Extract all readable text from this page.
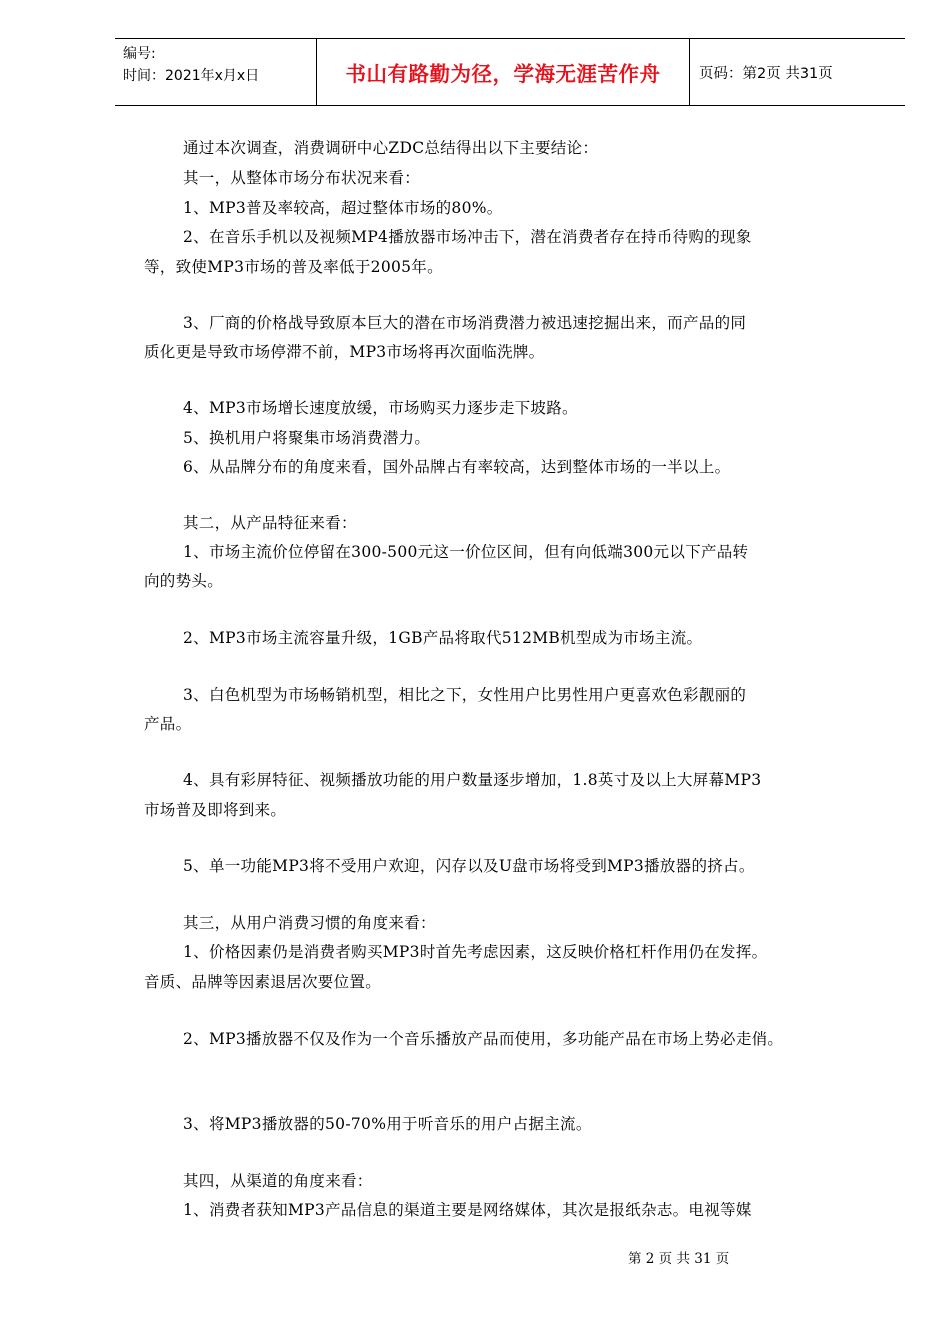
编号:
时间：2021年x月x日	书山有路勤为径，学海无涯苦作舟	页码：第2页 共31页
通过本次调查，消费调研中心ZDC总结得出以下主要结论：
其一，从整体市场分布状况来看：
1、MP3普及率较高，超过整体市场的80%。
2、在音乐手机以及视频MP4播放器市场冲击下，潜在消费者存在持币待购的现象
等，致使MP3市场的普及率低于2005年。
3、厂商的价格战导致原本巨大的潜在市场消费潜力被迅速挖掘出来，而产品的同
质化更是导致市场停滞不前，MP3市场将再次面临洗牌。
4、MP3市场增长速度放缓，市场购买力逐步走下坡路。
5、换机用户将聚集市场消费潜力。
6、从品牌分布的角度来看，国外品牌占有率较高，达到整体市场的一半以上。
其二，从产品特征来看：
1、市场主流价位停留在300-500元这一价位区间，但有向低端300元以下产品转
向的势头。
2、MP3市场主流容量升级，1GB产品将取代512MB机型成为市场主流。
3、白色机型为市场畅销机型，相比之下，女性用户比男性用户更喜欢色彩靓丽的
产品。
4、具有彩屏特征、视频播放功能的用户数量逐步增加，1.8英寸及以上大屏幕MP3
市场普及即将到来。
5、单一功能MP3将不受用户欢迎，闪存以及U盘市场将受到MP3播放器的挤占。
其三，从用户消费习惯的角度来看：
1、价格因素仍是消费者购买MP3时首先考虑因素，这反映价格杠杆作用仍在发挥。
音质、品牌等因素退居次要位置。
2、MP3播放器不仅及作为一个音乐播放产品而使用，多功能产品在市场上势必走俏。
3、将MP3播放器的50-70%用于听音乐的用户占据主流。
其四，从渠道的角度来看：
1、消费者获知MP3产品信息的渠道主要是网络媒体，其次是报纸杂志。电视等媒
第 2 页 共 31 页
